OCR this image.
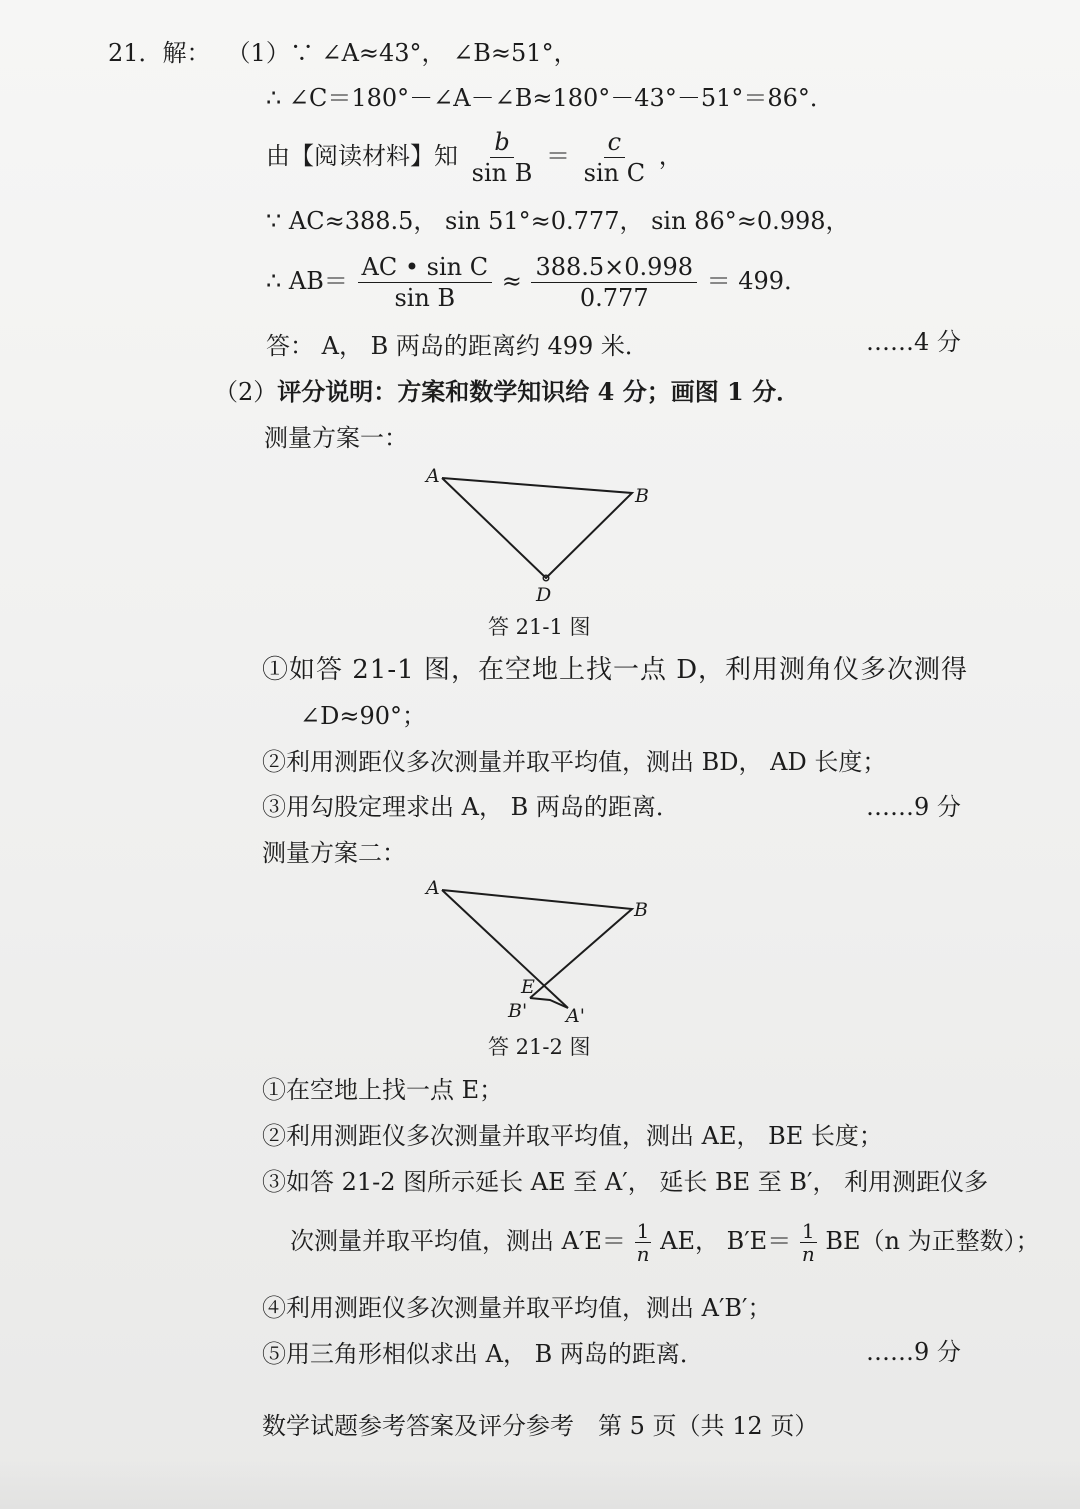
21．解： （1）∵ ∠A≈43°， ∠B≈51°，
∴ ∠C＝180°－∠A－∠B≈180°－43°－51°＝86°．
由【阅读材料】知 $\frac{b}{\text{sin B}} = \frac{c}{\text{sin C}}$ ，
∵ AC≈388.5， sin 51°≈0.777， sin 86°≈0.998，
∴ $AB= \frac{\text{AC • sin C}}{\text{sin B}} \approx \frac{388.5\times 0.998}{0.777} = 499$．
答： A， B 两岛的距离约 499 米．	……4 分
（2）评分说明：方案和数学知识给 4 分；画图 1 分．
测量方案一：
A
B
D
答 21-1 图
①如答 21-1 图，在空地上找一点 D，利用测角仪多次测得
∠D≈90°；
②利用测距仪多次测量并取平均值，测出 BD， AD 长度；
③用勾股定理求出 A， B 两岛的距离．	……9 分
测量方案二：
A
B
E
B' A'
答 21-2 图
①在空地上找一点 E；
②利用测距仪多次测量并取平均值，测出 AE， BE 长度；
③如答 21-2 图所示延长 AE 至 A′， 延长 BE 至 B′， 利用测距仪多
次测量并取平均值，测出 $A'E= \frac{1}{n}$ AE， $B'E= \frac{1}{n} BE(n$ 为正整数）；
④利用测距仪多次测量并取平均值，测出 A′B′；
⑤用三角形相似求出 A， B 两岛的距离．	……9 分
数学试题参考答案及评分参考　第 5 页（共 12 页）
